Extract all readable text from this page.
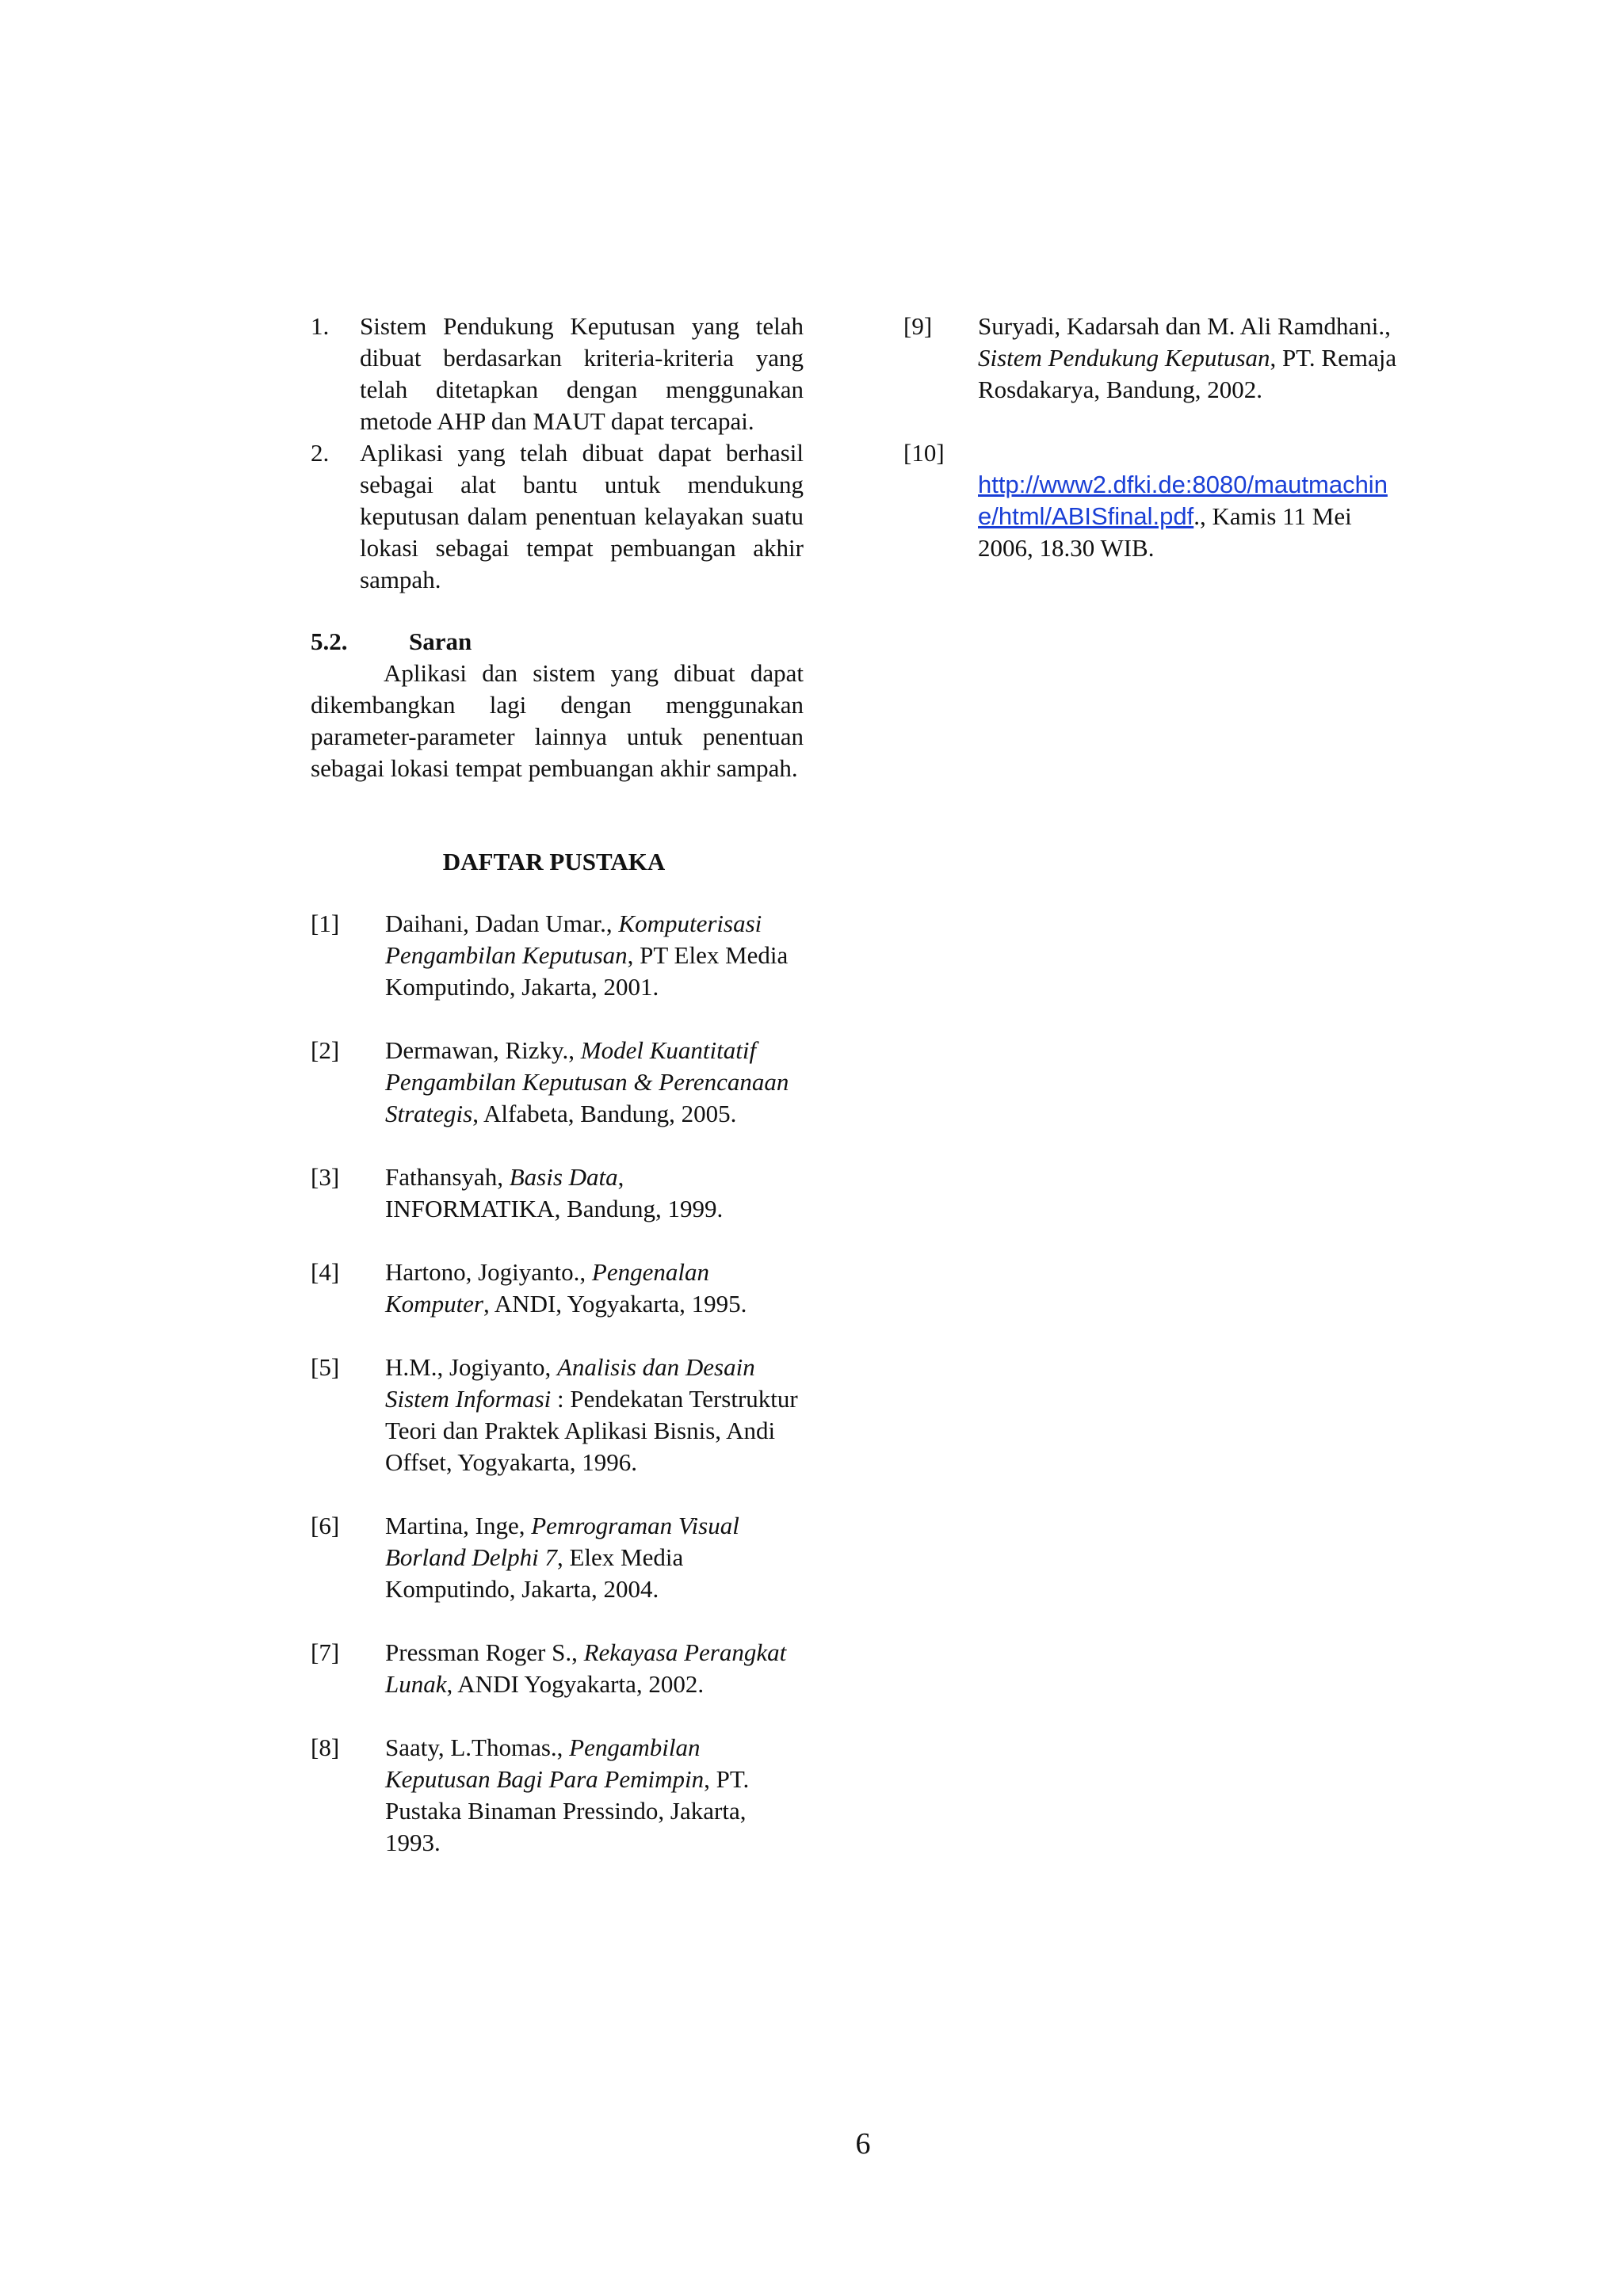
1. Sistem Pendukung Keputusan yang telah dibuat berdasarkan kriteria-kriteria yang telah ditetapkan dengan menggunakan metode AHP dan MAUT dapat tercapai.
2. Aplikasi yang telah dibuat dapat berhasil sebagai alat bantu untuk mendukung keputusan dalam penentuan kelayakan suatu lokasi sebagai tempat pembuangan akhir sampah.
5.2.	Saran
Aplikasi dan sistem yang dibuat dapat dikembangkan lagi dengan menggunakan parameter-parameter lainnya untuk penentuan sebagai lokasi tempat pembuangan akhir sampah.
DAFTAR PUSTAKA
[1] Daihani, Dadan Umar., Komputerisasi Pengambilan Keputusan, PT Elex Media Komputindo, Jakarta, 2001.
[2] Dermawan, Rizky., Model Kuantitatif Pengambilan Keputusan & Perencanaan Strategis, Alfabeta, Bandung, 2005.
[3] Fathansyah, Basis Data, INFORMATIKA, Bandung, 1999.
[4] Hartono, Jogiyanto., Pengenalan Komputer, ANDI, Yogyakarta, 1995.
[5] H.M., Jogiyanto, Analisis dan Desain Sistem Informasi : Pendekatan Terstruktur Teori dan Praktek Aplikasi Bisnis, Andi Offset, Yogyakarta, 1996.
[6] Martina, Inge, Pemrograman Visual Borland Delphi 7, Elex Media Komputindo, Jakarta, 2004.
[7] Pressman Roger S., Rekayasa Perangkat Lunak, ANDI Yogyakarta, 2002.
[8] Saaty, L.Thomas., Pengambilan Keputusan Bagi Para Pemimpin, PT. Pustaka Binaman Pressindo, Jakarta, 1993.
[9] Suryadi, Kadarsah dan M. Ali Ramdhani., Sistem Pendukung Keputusan, PT. Remaja Rosdakarya, Bandung, 2002.
[10]
http://www2.dfki.de:8080/mautmachine/html/ABISfinal.pdf., Kamis 11 Mei 2006, 18.30 WIB.
6
